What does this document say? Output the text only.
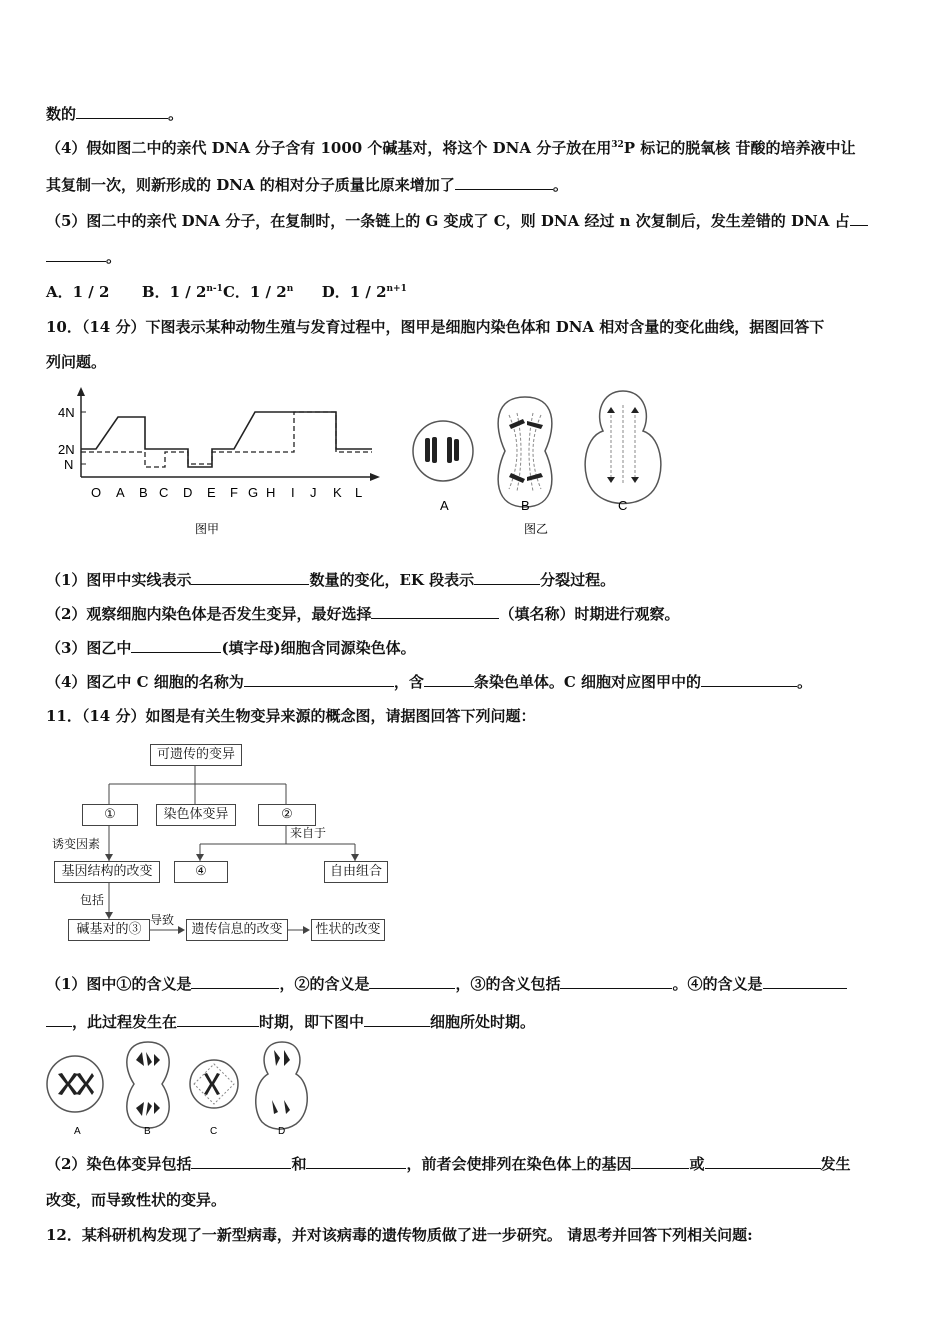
数的	。
（4）假如图二中的亲代 DNA 分子含有 1000 个碱基对，将这个 DNA 分子放在用$^{32}$P 标记的脱氧核 苷酸的培养液中让
其复制一次，则新形成的 DNA 的相对分子质量比原来增加了	。
（5）图二中的亲代 DNA 分子，在复制时，一条链上的 G 变成了 C，则 DNA 经过 n 次复制后，发生差错的 DNA 占
。
A．1 / 2 B．1 / 2$^{n-1}$C．1 / 2$^n$ D．$1 / 2^{n+1}$
10．（14 分）下图表示某种动物生殖与发育过程中，图甲是细胞内染色体和 DNA 相对含量的变化曲线，据图回答下
列问题。
4N
2N
N
O A B C D E F G H I J K L
图甲
A	B	C
图乙
（1）图甲中实线表示	数量的变化，EK 段表示	分裂过程。
（2）观察细胞内染色体是否发生变异，最好选择	（填名称）时期进行观察。
（3）图乙中	(填字母)细胞含同源染色体。
（4）图乙中 C 细胞的名称为	，含	条染色单体。C 细胞对应图甲中的	。
11．（14 分）如图是有关生物变异来源的概念图，请据图回答下列问题：
可遗传的变异
①	染色体变异	②
来自于
诱变因素
基因结构的改变	④	自由组合
包括
碱基对的③
导致
遗传信息的改变	性状的改变
（1）图中①的含义是	，②的含义是	，③的含义包括	。④的含义是
，此过程发生在	时期，即下图中	细胞所处时期。
A	B	C	D
（2）染色体变异包括	和	，前者会使排列在染色体上的基因	或	发生
改变，而导致性状的变异。
12．某科研机构发现了一新型病毒，并对该病毒的遗传物质做了进一步研究。 请思考并回答下列相关问题:
